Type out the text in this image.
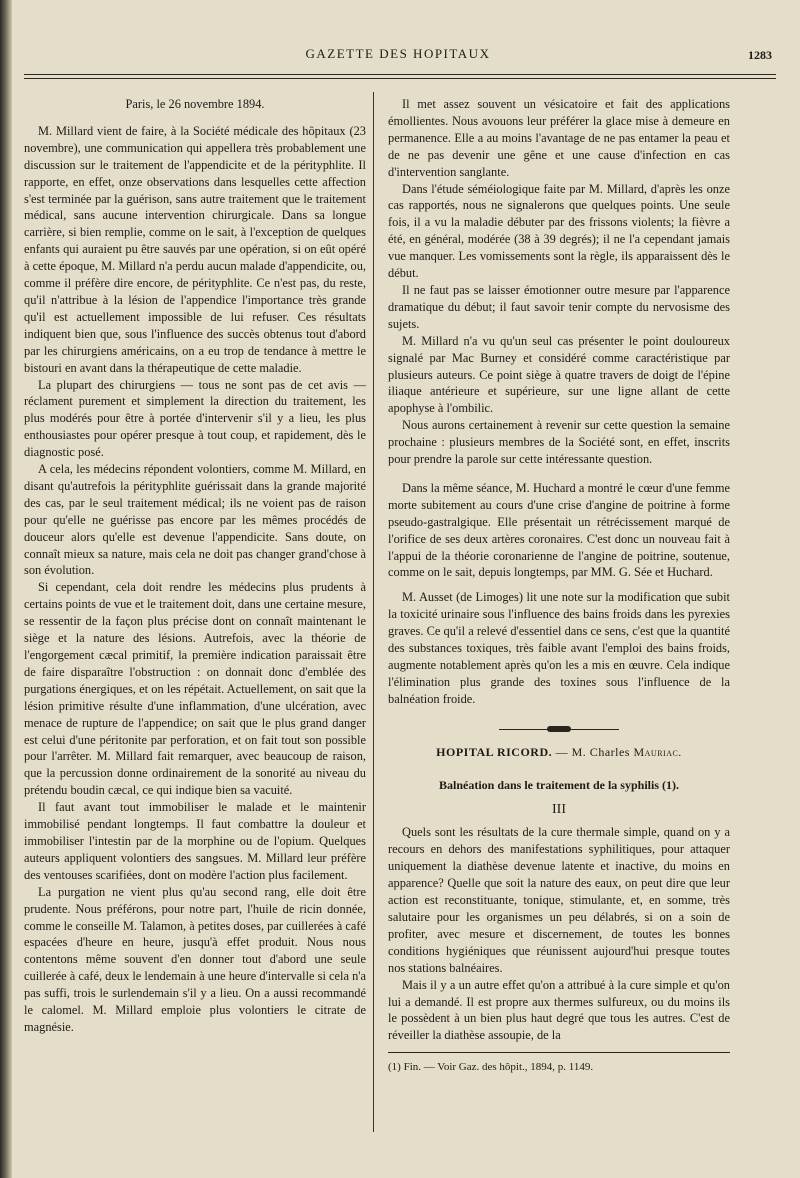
GAZETTE DES HOPITAUX	1283

Paris, le 26 novembre 1894.

M. Millard vient de faire, à la Société médicale des hôpitaux (23 novembre), une communication qui appellera très probablement une discussion sur le traitement de l'appendicite et de la pérityphlite. Il rapporte, en effet, onze observations dans lesquelles cette affection s'est terminée par la guérison, sans autre traitement que le traitement médical, sans aucune intervention chirurgicale. Dans sa longue carrière, si bien remplie, comme on le sait, à l'exception de quelques enfants qui auraient pu être sauvés par une opération, si on eût opéré à cette époque, M. Millard n'a perdu aucun malade d'appendicite, ou, comme il préfère dire encore, de pérityphlite. Ce n'est pas, du reste, qu'il n'attribue à la lésion de l'appendice l'importance très grande qu'il est actuellement impossible de lui refuser. Ces résultats indiquent bien que, sous l'influence des succès obtenus tout d'abord par les chirurgiens américains, on a eu trop de tendance à mettre le bistouri en avant dans la thérapeutique de cette maladie.

La plupart des chirurgiens — tous ne sont pas de cet avis — réclament purement et simplement la direction du traitement, les plus modérés pour être à portée d'intervenir s'il y a lieu, les plus enthousiastes pour opérer presque à tout coup, et rapidement, dès le diagnostic posé.

A cela, les médecins répondent volontiers, comme M. Millard, en disant qu'autrefois la pérityphlite guérissait dans la grande majorité des cas, par le seul traitement médical; ils ne voient pas de raison pour qu'elle ne guérisse pas encore par les mêmes procédés de douceur alors qu'elle est devenue l'appendicite. Sans doute, on connaît mieux sa nature, mais cela ne doit pas changer grand'chose à son évolution.

Si cependant, cela doit rendre les médecins plus prudents à certains points de vue et le traitement doit, dans une certaine mesure, se ressentir de la façon plus précise dont on connaît maintenant le siège et la nature des lésions. Autrefois, avec la théorie de l'engorgement cæcal primitif, la première indication paraissait être de faire disparaître l'obstruction : on donnait donc d'emblée des purgations énergiques, et on les répétait. Actuellement, on sait que la lésion primitive résulte d'une inflammation, d'une ulcération, avec menace de rupture de l'appendice; on sait que le plus grand danger est celui d'une péritonite par perforation, et on fait tout son possible pour l'arrêter. M. Millard fait remarquer, avec beaucoup de raison, que la percussion donne ordinairement de la sonorité au niveau du prétendu boudin cæcal, ce qui indique bien sa vacuité.

Il faut avant tout immobiliser le malade et le maintenir immobilisé pendant longtemps. Il faut combattre la douleur et immobiliser l'intestin par de la morphine ou de l'opium. Quelques auteurs appliquent volontiers des sangsues. M. Millard leur préfère des ventouses scarifiées, dont on modère l'action plus facilement.

La purgation ne vient plus qu'au second rang, elle doit être prudente. Nous préférons, pour notre part, l'huile de ricin donnée, comme le conseille M. Talamon, à petites doses, par cuillerées à café espacées d'heure en heure, jusqu'à effet produit. Nous nous contentons même souvent d'en donner tout d'abord une seule cuillerée à café, deux le lendemain à une heure d'intervalle si cela n'a pas suffi, trois le surlendemain s'il y a lieu. On a aussi recommandé le calomel. M. Millard emploie plus volontiers le citrate de magnésie.

Il met assez souvent un vésicatoire et fait des applications émollientes. Nous avouons leur préférer la glace mise à demeure en permanence. Elle a au moins l'avantage de ne pas entamer la peau et de ne pas devenir une gêne et une cause d'infection en cas d'intervention sanglante.

Dans l'étude séméiologique faite par M. Millard, d'après les onze cas rapportés, nous ne signalerons que quelques points. Une seule fois, il a vu la maladie débuter par des frissons violents; la fièvre a été, en général, modérée (38 à 39 degrés); il ne l'a cependant jamais vue manquer. Les vomissements sont la règle, ils apparaissent dès le début.

Il ne faut pas se laisser émotionner outre mesure par l'apparence dramatique du début; il faut savoir tenir compte du nervosisme des sujets.

M. Millard n'a vu qu'un seul cas présenter le point douloureux signalé par Mac Burney et considéré comme caractéristique par plusieurs auteurs. Ce point siège à quatre travers de doigt de l'épine iliaque antérieure et supérieure, sur une ligne allant de cette apophyse à l'ombilic.

Nous aurons certainement à revenir sur cette question la semaine prochaine : plusieurs membres de la Société sont, en effet, inscrits pour prendre la parole sur cette intéressante question.

Dans la même séance, M. Huchard a montré le cœur d'une femme morte subitement au cours d'une crise d'angine de poitrine à forme pseudo-gastralgique. Elle présentait un rétrécissement marqué de l'orifice de ses deux artères coronaires. C'est donc un nouveau fait à l'appui de la théorie coronarienne de l'angine de poitrine, soutenue, comme on le sait, depuis longtemps, par MM. G. Sée et Huchard.

M. Ausset (de Limoges) lit une note sur la modification que subit la toxicité urinaire sous l'influence des bains froids dans les pyrexies graves. Ce qu'il a relevé d'essentiel dans ce sens, c'est que la quantité des substances toxiques, très faible avant l'emploi des bains froids, augmente notablement après qu'on les a mis en œuvre. Cela indique l'élimination plus grande des toxines sous l'influence de la balnéation froide.

HOPITAL RICORD. — M. Charles Mauriac.
Balnéation dans le traitement de la syphilis (1).
III

Quels sont les résultats de la cure thermale simple, quand on y a recours en dehors des manifestations syphilitiques, pour attaquer uniquement la diathèse devenue latente et inactive, du moins en apparence? Quelle que soit la nature des eaux, on peut dire que leur action est reconstituante, tonique, stimulante, et, en somme, très salutaire pour les organismes un peu délabrés, si on a soin de profiter, avec mesure et discernement, de toutes les bonnes conditions hygiéniques que réunissent aujourd'hui presque toutes nos stations balnéaires.

Mais il y a un autre effet qu'on a attribué à la cure simple et qu'on lui a demandé. Il est propre aux thermes sulfureux, ou du moins ils le possèdent à un bien plus haut degré que tous les autres. C'est de réveiller la diathèse assoupie, de la

(1) Fin. — Voir Gaz. des hôpit., 1894, p. 1149.
